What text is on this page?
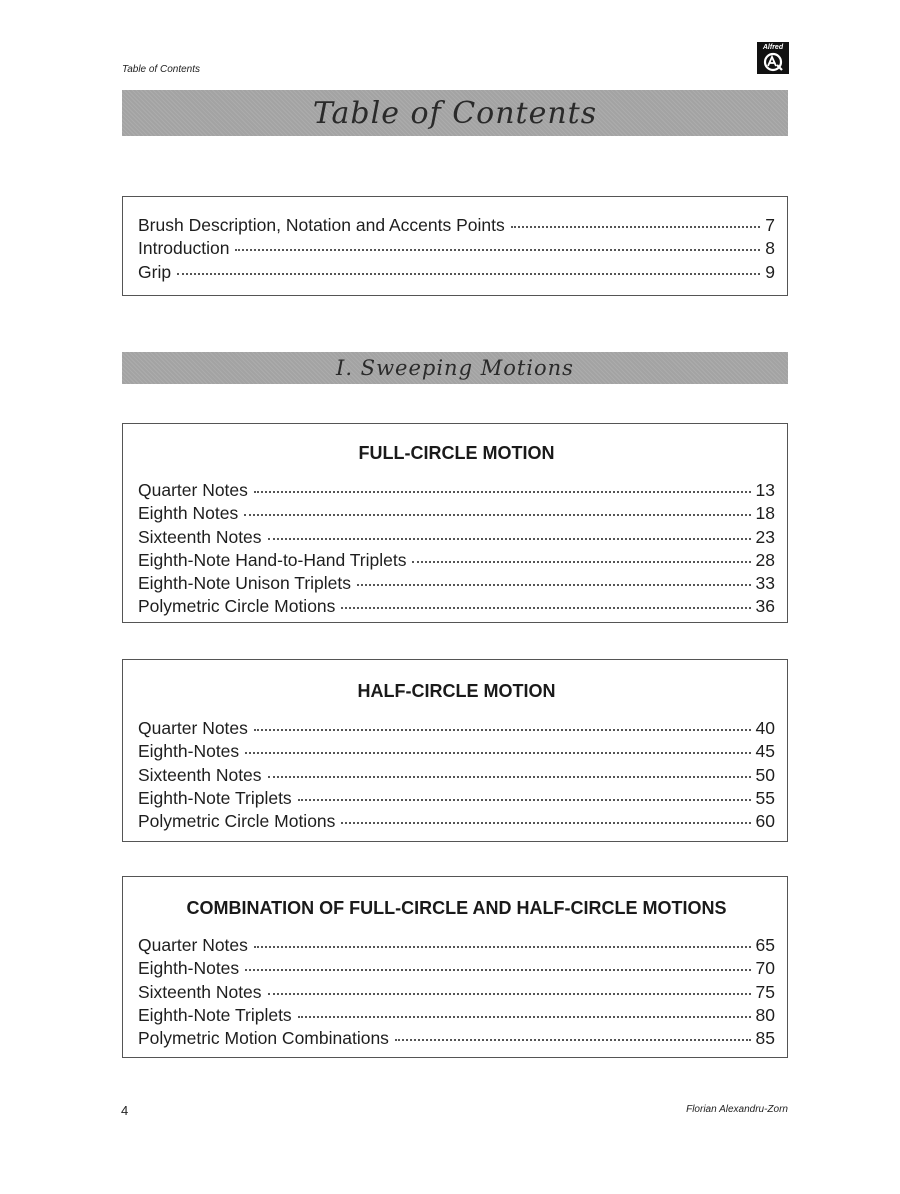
Table of Contents
Alfred
Table of Contents
Brush Description, Notation and Accents Points	7
Introduction	8
Grip	9
I. Sweeping Motions
FULL-CIRCLE MOTION
Quarter Notes	13
Eighth Notes	18
Sixteenth Notes	23
Eighth-Note Hand-to-Hand Triplets	28
Eighth-Note Unison Triplets	33
Polymetric Circle Motions	36
HALF-CIRCLE MOTION
Quarter Notes	40
Eighth-Notes	45
Sixteenth Notes	50
Eighth-Note Triplets	55
Polymetric Circle Motions	60
COMBINATION OF FULL-CIRCLE AND HALF-CIRCLE MOTIONS
Quarter Notes	65
Eighth-Notes	70
Sixteenth Notes	75
Eighth-Note Triplets	80
Polymetric Motion Combinations	85
4	Florian Alexandru-Zorn
